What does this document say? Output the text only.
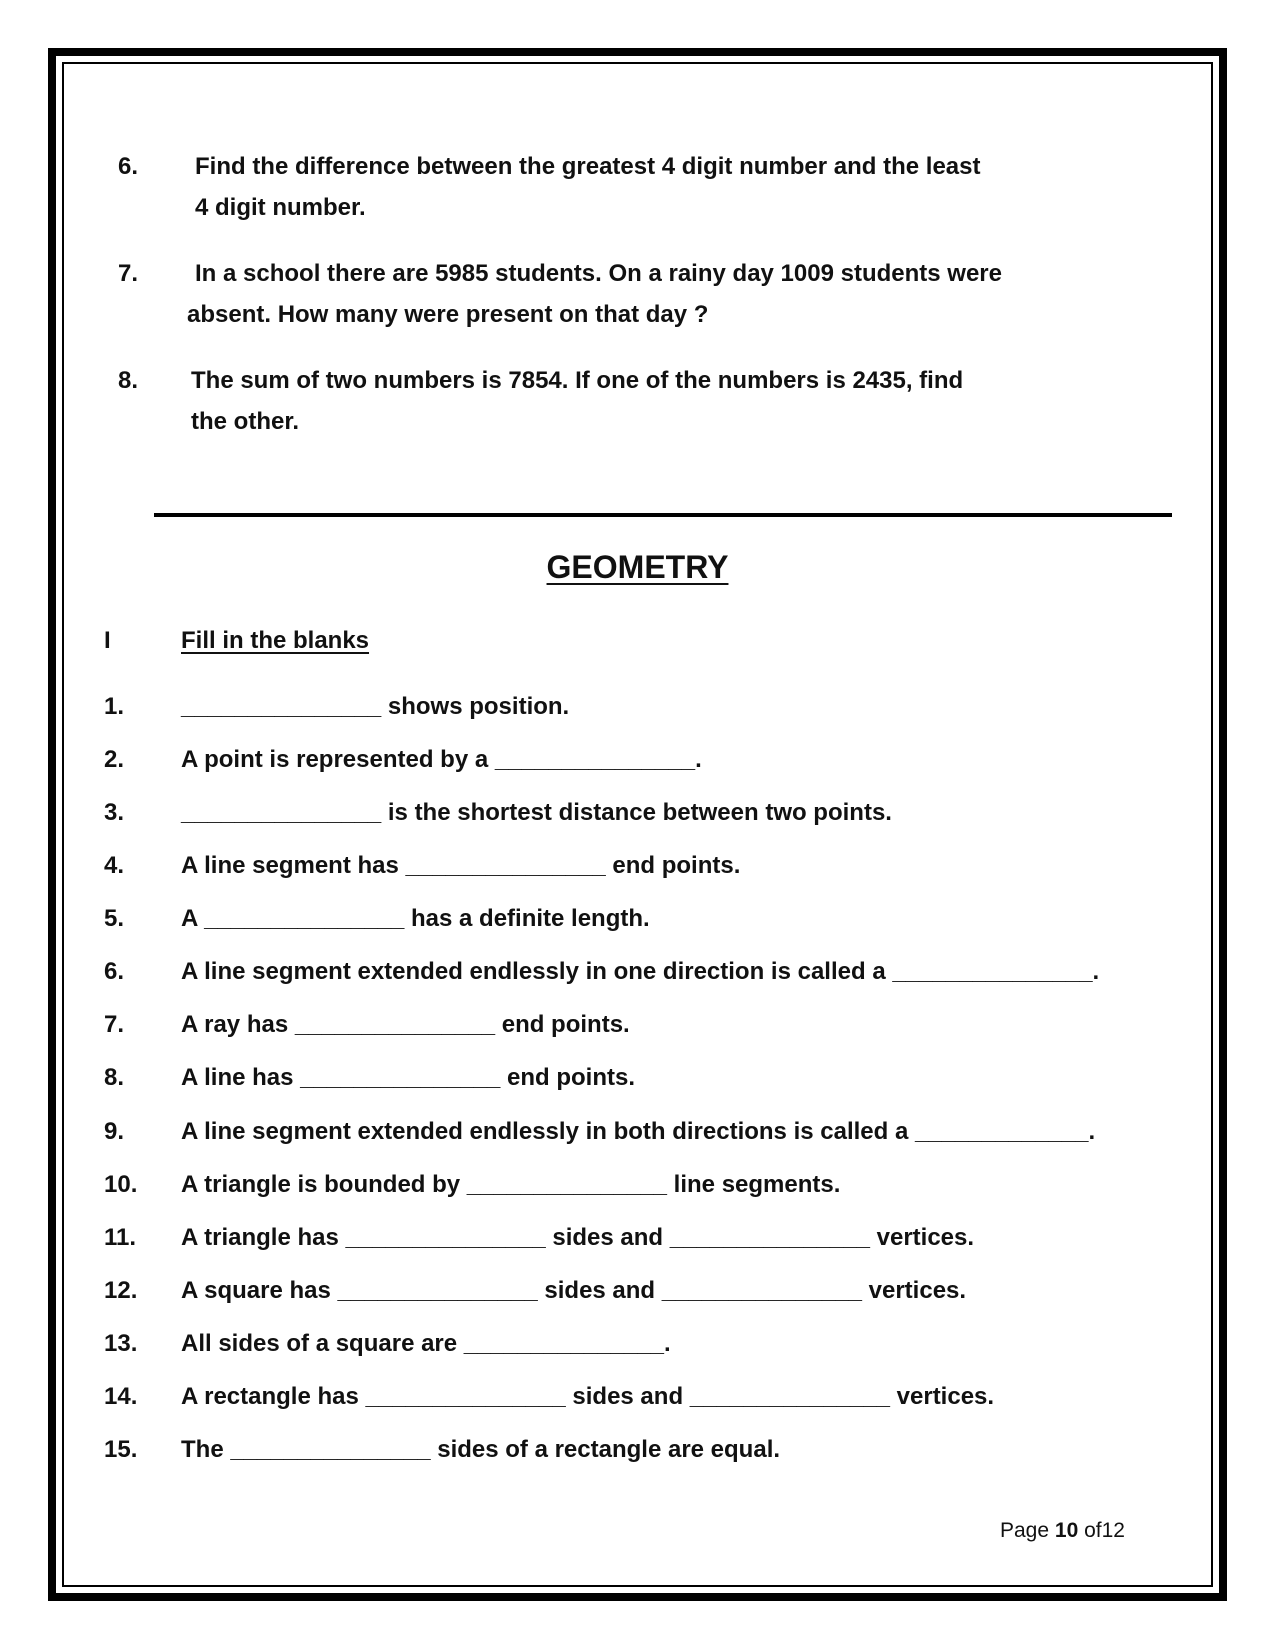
6. Find the difference between the greatest 4 digit number and the least
4 digit number.
7. In a school there are 5985 students. On a rainy day 1009 students were
absent. How many were present on that day ?
8. The sum of two numbers is 7854. If one of the numbers is 2435, find
the other.
GEOMETRY
I	Fill in the blanks
1. _______________ shows position.
2. A point is represented by a _______________.
3. _______________ is the shortest distance between two points.
4. A line segment has _______________ end points.
5. A _______________ has a definite length.
6. A line segment extended endlessly in one direction is called a _______________.
7. A ray has _______________ end points.
8. A line has _______________ end points.
9. A line segment extended endlessly in both directions is called a _____________.
10. A triangle is bounded by _______________ line segments.
11. A triangle has _______________ sides and _______________ vertices.
12. A square has _______________ sides and _______________ vertices.
13. All sides of a square are _______________.
14. A rectangle has _______________ sides and _______________ vertices.
15. The _______________ sides of a rectangle are equal.
Page 10 of12
